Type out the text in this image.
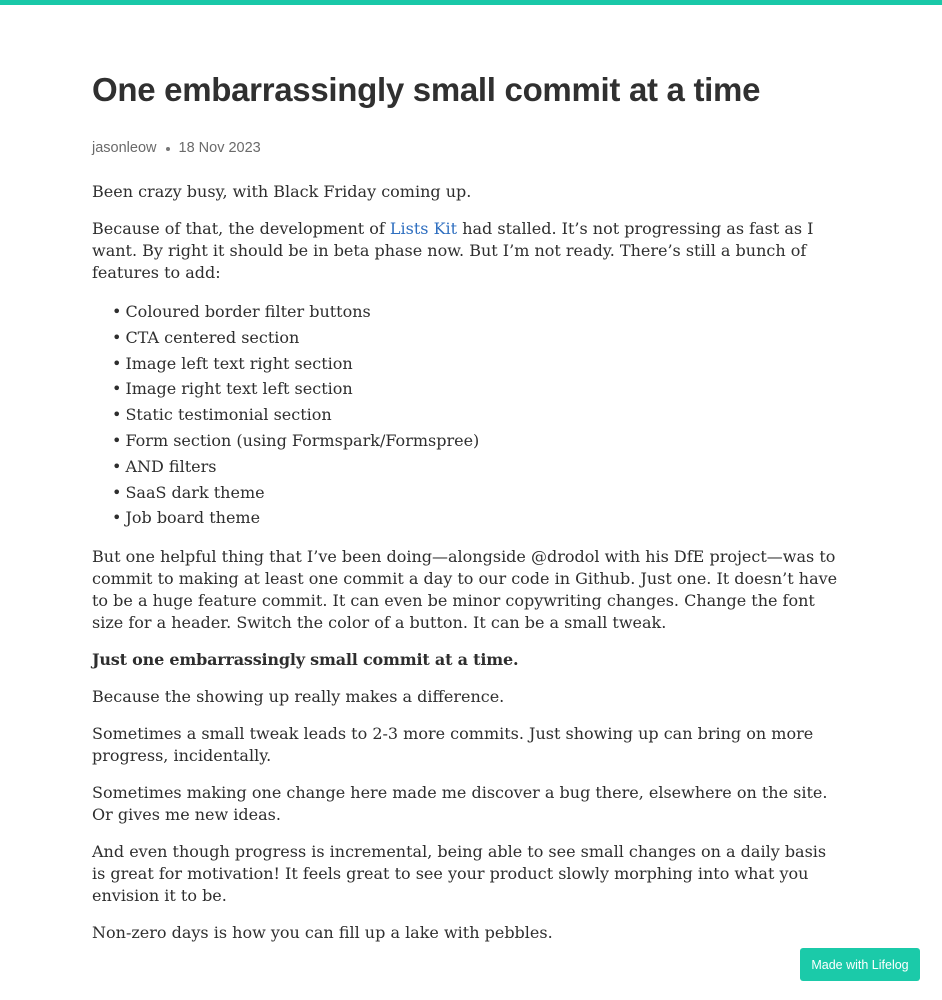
One embarrassingly small commit at a time
jasonleow 18 Nov 2023

Been crazy busy, with Black Friday coming up.

Because of that, the development of Lists Kit had stalled. It’s not progressing as fast as I want. By right it should be in beta phase now. But I’m not ready. There’s still a bunch of features to add:

• Coloured border filter buttons
• CTA centered section
• Image left text right section
• Image right text left section
• Static testimonial section
• Form section (using Formspark/Formspree)
• AND filters
• SaaS dark theme
• Job board theme

But one helpful thing that I’ve been doing—alongside @drodol with his DfE project—was to commit to making at least one commit a day to our code in Github. Just one. It doesn’t have to be a huge feature commit. It can even be minor copywriting changes. Change the font size for a header. Switch the color of a button. It can be a small tweak.

Just one embarrassingly small commit at a time.

Because the showing up really makes a difference.

Sometimes a small tweak leads to 2-3 more commits. Just showing up can bring on more progress, incidentally.

Sometimes making one change here made me discover a bug there, elsewhere on the site. Or gives me new ideas.

And even though progress is incremental, being able to see small changes on a daily basis is great for motivation! It feels great to see your product slowly morphing into what you envision it to be.

Non-zero days is how you can fill up a lake with pebbles.

Made with Lifelog
